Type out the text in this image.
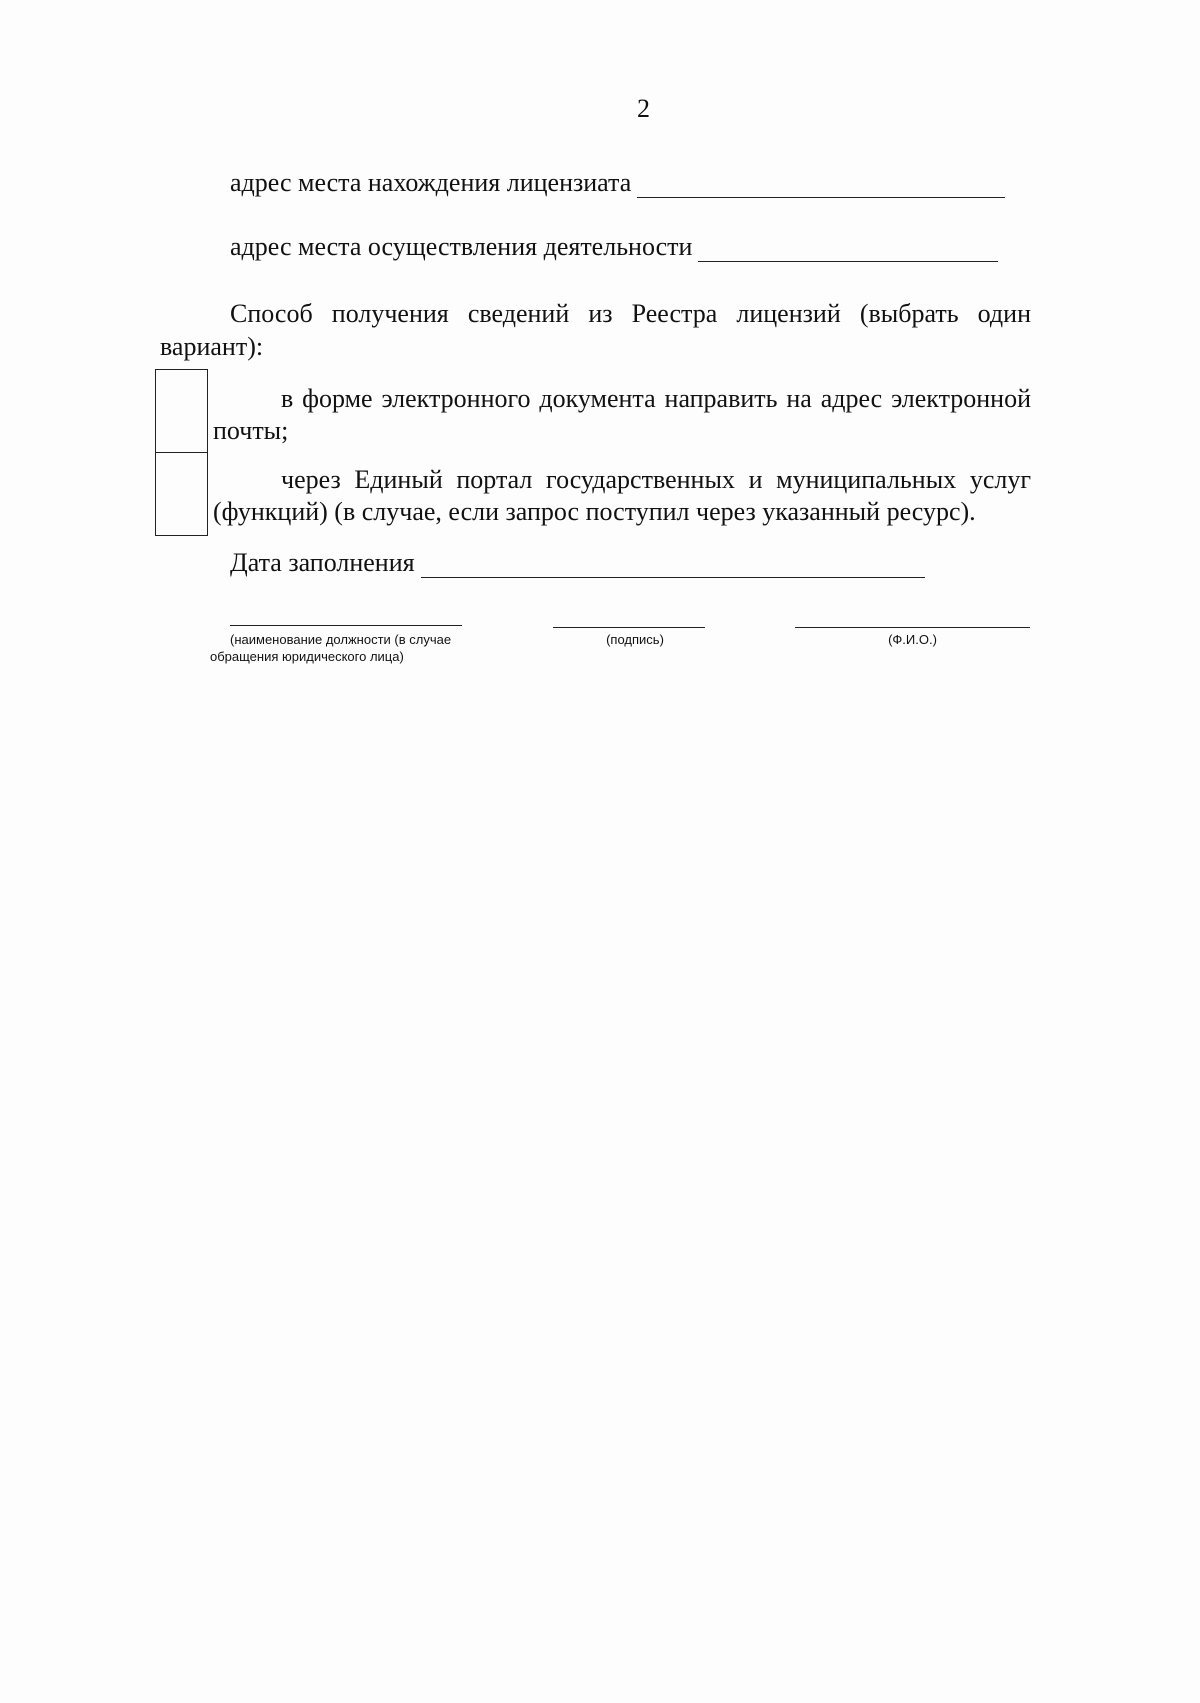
2
адрес места нахождения лицензиата
адрес места осуществления деятельности
Способ получения сведений из Реестра лицензий (выбрать один вариант):
в форме электронного документа направить на адрес электронной почты;
через Единый портал государственных и муниципальных услуг (функций) (в случае, если запрос поступил через указанный ресурс).
Дата заполнения
(наименование должности (в случае обращения юридического лица)
(подпись)	(Ф.И.О.)
